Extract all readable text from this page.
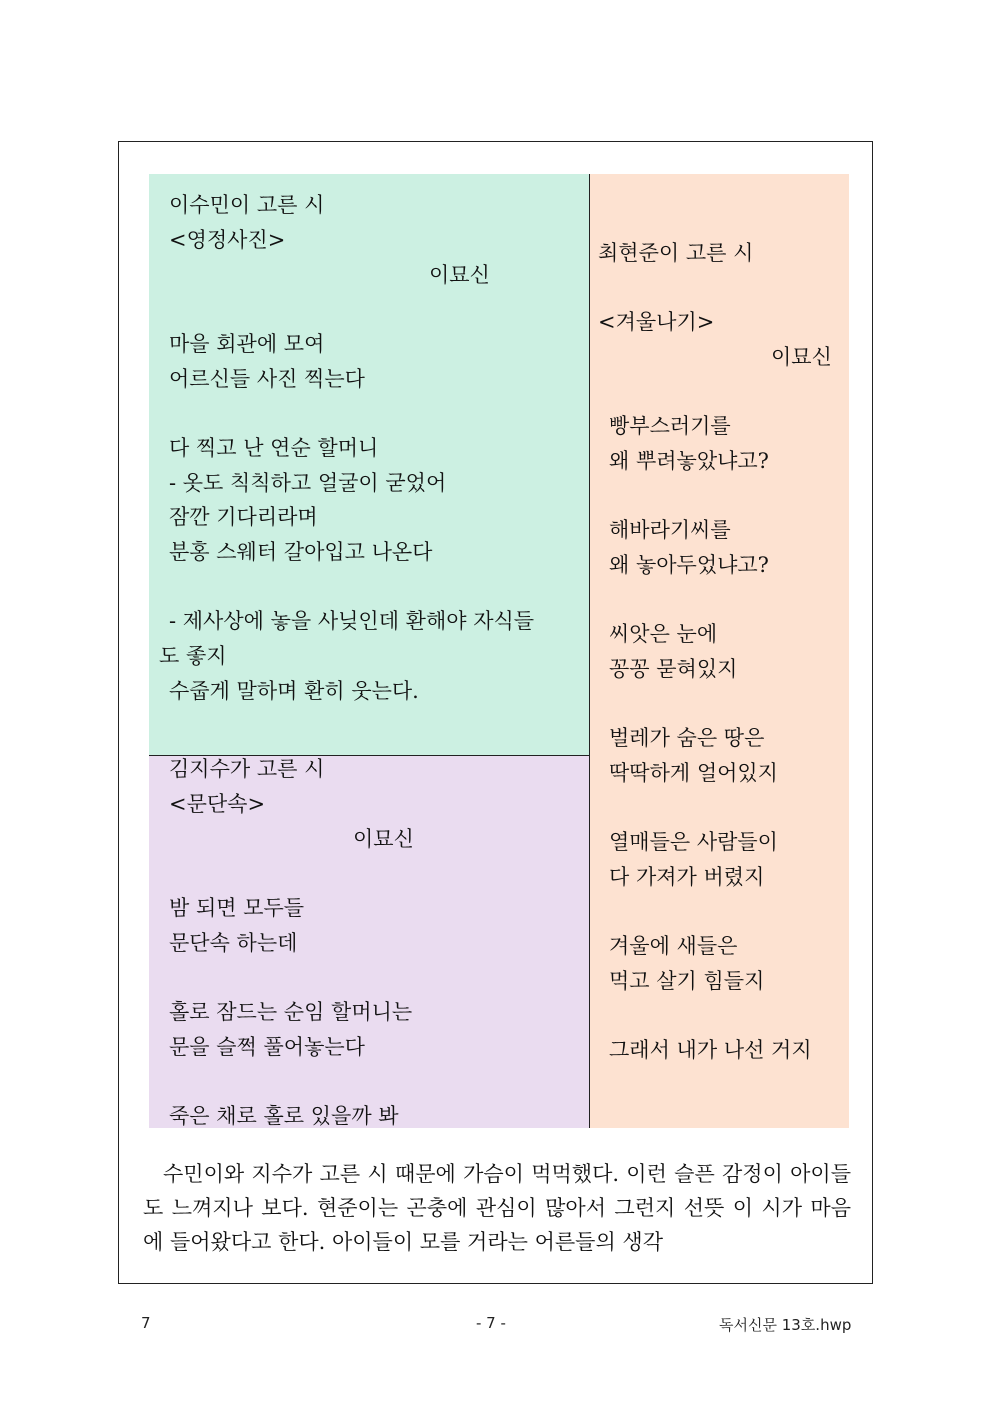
이수민이 고른 시
<영정사진>
이묘신
마을 회관에 모여
어르신들 사진 찍는다
다 찍고 난 연순 할머니
- 옷도 칙칙하고 얼굴이 굳었어
잠깐 기다리라며
분홍 스웨터 갈아입고 나온다
- 제사상에 놓을 사닞인데 환해야 자식들
도 좋지
수줍게 말하며 환히 웃는다.
김지수가 고른 시
<문단속>
이묘신
밤 되면 모두들
문단속 하는데
홀로 잠드는 순임 할머니는
문을 슬쩍 풀어놓는다
죽은 채로 홀로 있을까 봐
최현준이 고른 시
<겨울나기>
이묘신
빵부스러기를
왜 뿌려놓았냐고?
해바라기씨를
왜 놓아두었냐고?
씨앗은 눈에
꽁꽁 묻혀있지
벌레가 숨은 땅은
딱딱하게 얼어있지
열매들은 사람들이
다 가져가 버렸지
겨울에 새들은
먹고 살기 힘들지
그래서 내가 나선 거지
수민이와 지수가 고른 시 때문에 가슴이 먹먹했다. 이런 슬픈 감정이 아이들도 느껴지나 보다. 현준이는 곤충에 관심이 많아서 그런지 선뜻 이 시가 마음에 들어왔다고 한다. 아이들이 모를 거라는 어른들의 생각
7	- 7 -	독서신문 13호.hwp
